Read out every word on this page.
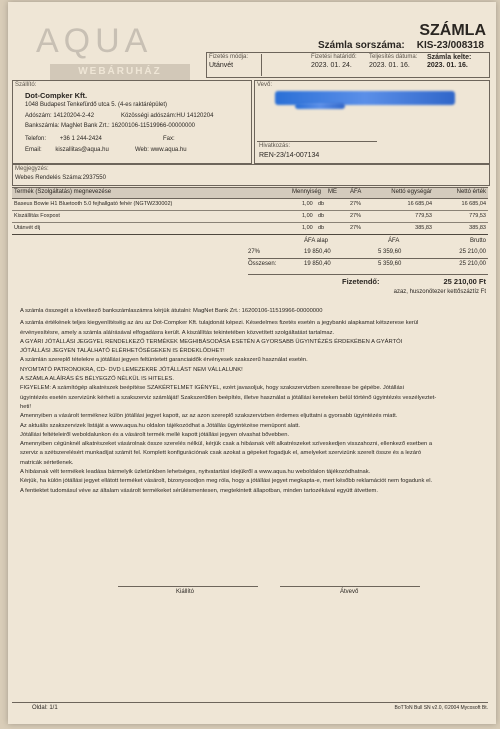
AQUA
WEBÁRUHÁZ
SZÁMLA
Számla sorszáma: KIS-23/008318
Fizetés módja:
Utánvét
Fizetési határidő:
2023. 01. 24.
Teljesítés dátuma:
2023. 01. 16.
Számla kelte:
2023. 01. 16.
Szállító:
Dot-Compker Kft.
1048 Budapest Tenkefürdő utca 5. (4-es raktárépület)
Adószám: 14120204-2-42	Közösségi adószám:HU 14120204
Bankszámla: MagNet Bank Zrt.: 16200106-11519966-00000000
Telefon: +36 1 244-2424	Fax:
Email: kiszallitas@aqua.hu	Web: www.aqua.hu
Vevő:
Hivatkozás:
REN-23/14-007134
Megjegyzés:
Webes Rendelés Száma:2937550
Termék (Szolgáltatás) megnevezése	Mennyiség ME ÁFA	Nettó egységár	Nettó érték
Baseus Bowie H1 Bluetooth 5.0 fejhallgató fehér (NGTW230002)	1,00 db	27%	16 685,04	16 685,04
Kiszállítás Foxpost	1,00 db	27%	779,53	779,53
Utánvét díj	1,00 db	27%	385,83	385,83
ÁFA alap	ÁFA	Brutto
27%	19 850,40	5 359,60	25 210,00
Összesen:	19 850,40	5 359,60	25 210,00
Fizetendő:	25 210,00 Ft
azaz, huszonötezer kettőszáztíz Ft
A számla összegét a következő bankszámlaszámra kérjük átutalni: MagNet Bank Zrt.: 16200106-11519966-00000000
A számla értékének teljes kiegyenlítéséig az áru az Dot-Compker Kft. tulajdonát képezi. Késedelmes fizetés esetén a jegybanki alapkamat kétszerese kerül
érvényesítésre, amely a számla aláírásával elfogadásra került. A kiszállítás tekintetében közvetített szolgáltatást tartalmaz.
A GYÁRI JÓTÁLLÁSI JEGGYEL RENDELKEZŐ TERMÉKEK MEGHIBÁSODÁSA ESETÉN A GYORSABB ÜGYINTÉZÉS ÉRDEKÉBEN A GYÁRTÓI
JÓTÁLLÁSI JEGYEN TALÁLHATÓ ELÉRHETŐSÉGEKEN IS ÉRDEKLŐDHET!
A számlán szereplő tételekre a jótállási jegyen feltüntetett garanciaidők érvényesek szakszerű használat esetén.
NYOMTATÓ PATRONOKRA, CD- DVD LEMEZEKRE JÓTÁLLÁST NEM VÁLLALUNK!
A SZÁMLA ALÁÍRÁS ÉS BÉLYEGZŐ NÉLKÜL IS HITELES.
FIGYELEM: A számítógép alkatrészek beépítése SZAKÉRTELMET IGÉNYEL, ezért javasoljuk, hogy szakszervizben szereltesse be gépébe. Jótállási
ügyintézés esetén szervizünk kérheti a szakszerviz számláját! Szakszerűtlen beépítés, illetve használat a jótállási kereteken belül történő ügyintézés veszélyeztet-
heti!
Amennyiben a vásárolt terméknez külön jótállási jegyet kapott, az az azon szereplő szakszervizben érdemes eljuttatni a gyorsabb ügyintézés miatt.
Az aktuális szakszervizek listáját a www.aqua.hu oldalon tájékozódhat a Jótállás ügyintézése menüpont alatt.
Jótállási feltételeiről weboldalunkon és a vásárolt termék mellé kapott jótállási jegyen olvashat bővebben.
Amennyiben cégünknél alkatrészeket vásárolnak össze szerelés nélkül, kérjük csak a hibásnak vélt alkatrészeket szíveskedjen visszahozni, ellenkező esetben a
szerviz a szétszerelésért munkadíjat számít fel. Komplett konfigurációnak csak azokat a gépeket fogadjuk el, amelyeket szervizünk szerelt össze és a lezáró
matricák sértetlenek.
A hibásnak vélt termékek leadása bármelyik üzletünkben lehetséges, nyitvatartási idejükről a www.aqua.hu weboldalon tájékozódhatnak.
Kérjük, ha külön jótállási jegyet ellátott terméket vásárolt, bizonyosodjon meg róla, hogy a jótállási jegyet megkapta-e, mert később reklamációt nem fogadunk el.
A fentiektet tudomásul véve az általam vásárolt termékeket sérülésmentesen, megtekintett állapotban, minden tartozékával együtt átvettem.
Kiállító	Átvevő
Oldal: 1/1	BoTToN Bull SN v2.0, ©2004 Mycosoft Bt.
